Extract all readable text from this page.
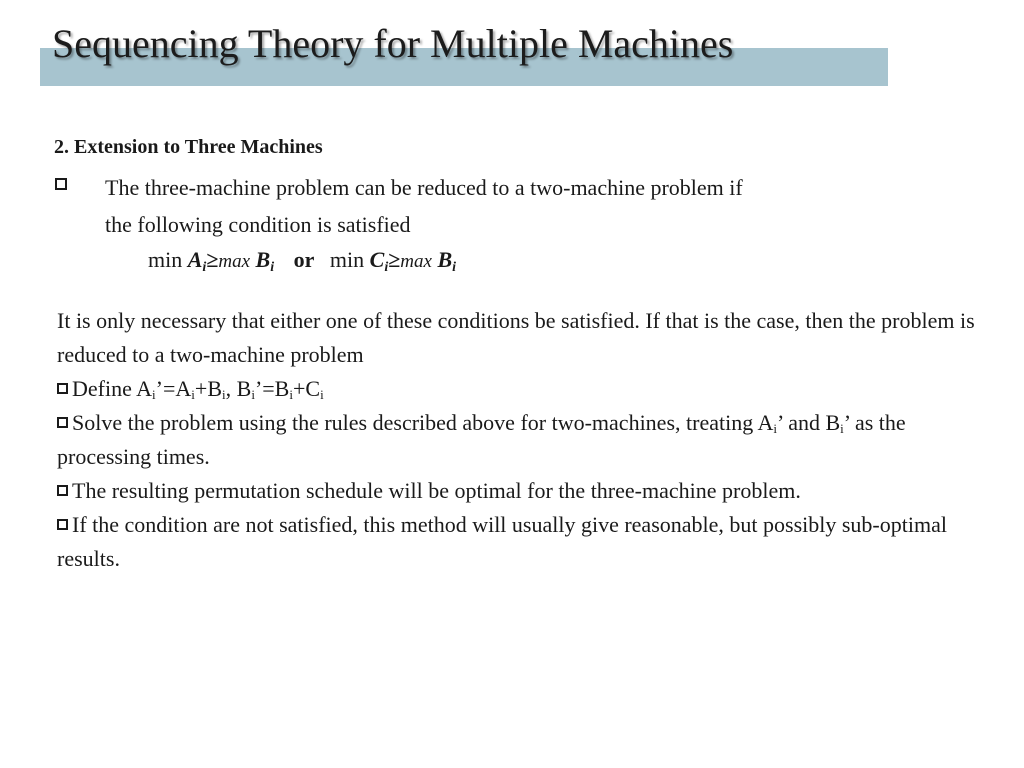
Sequencing Theory for Multiple Machines
2. Extension to Three Machines
The three-machine problem can be reduced to a two-machine problem if
the following condition is satisfied
$\min A_i\ge\max$ $B_i$ or $\min C_i\ge\max$ $B_i$

It is only necessary that either one of these conditions be satisfied. If that is the case, then the problem is reduced to a two-machine problem

Define $A_i’=A_i+B_i$, $B_i’=B_i+C_i$

Solve the problem using the rules described above for two-machines, treating $A_i$’ and $B_i$’ as the processing times.

The resulting permutation schedule will be optimal for the three-machine problem.

If the condition are not satisfied, this method will usually give reasonable, but possibly sub-optimal results.
